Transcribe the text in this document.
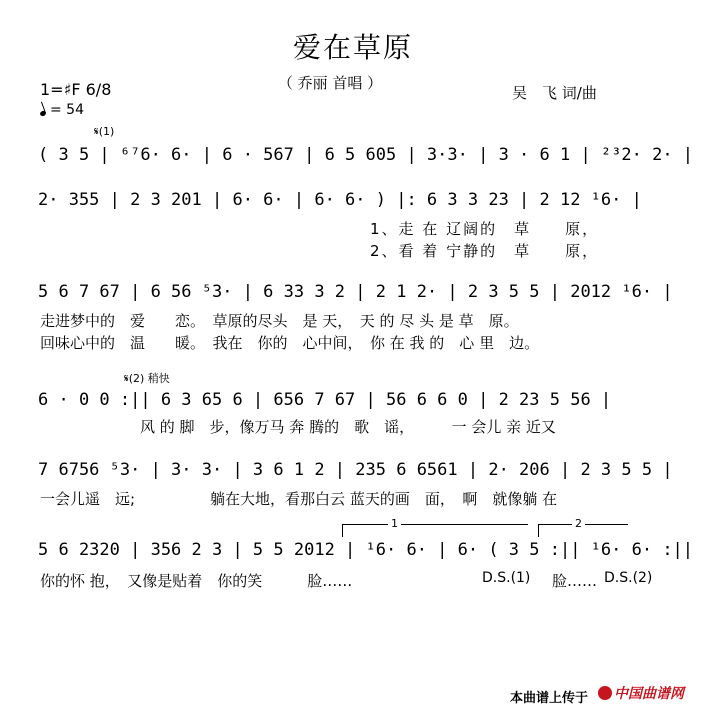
爱在草原
（ 乔丽 首唱 ）
吴　飞 词/曲
1=♯F 6/8
= 54
𝄋(1)
( 3 5 | ⁶⁷6· 6· | 6 · 567 | 6 5 605 | 3·3· | 3 · 6 1 | ²³2· 2· |
2· 355 | 2 3 201 | 6· 6· | 6· 6· ) |: 6 3 3 23 | 2 12 ¹6· |
1、走 在 辽阔的　草　　原，
2、看 着 宁静的　草　　原，
5 6 7 67 | 6 56 ⁵3· | 6 33 3 2 | 2 1 2· | 2 3 5 5 | 2012 ¹6· |
走进梦中的　爱　　恋。　草原的尽头　是 天，　天 的 尽 头 是 草　原。
回味心中的　温　　暖。　我在　你的　心中间，　你 在 我 的　心 里　边。
𝄋(2) 稍快
6 · 0 0 :|| 6 3 65 6 | 656 7 67 | 56 6 6 0 | 2 23 5 56 |
风 的 脚　步，像万马 奔 腾的　歌　谣，　　　一 会儿 亲 近又
7 6756 ⁵3· | 3· 3· | 3 6 1 2 | 235 6 6561 | 2· 206 | 2 3 5 5 |
一会儿遥　远;　　　　　躺在大地，看那白云 蓝天的画　面，　啊　就像躺 在
1	2
5 6 2320 | 356 2 3 | 5 5 2012 | ¹6· 6· | 6· ( 3 5 :|| ¹6· 6· :||
你的怀 抱，　又像是贴着　你的笑　　　脸……	D.S.(1) 脸…… D.S.(2)
本曲谱上传于	中国曲谱网
